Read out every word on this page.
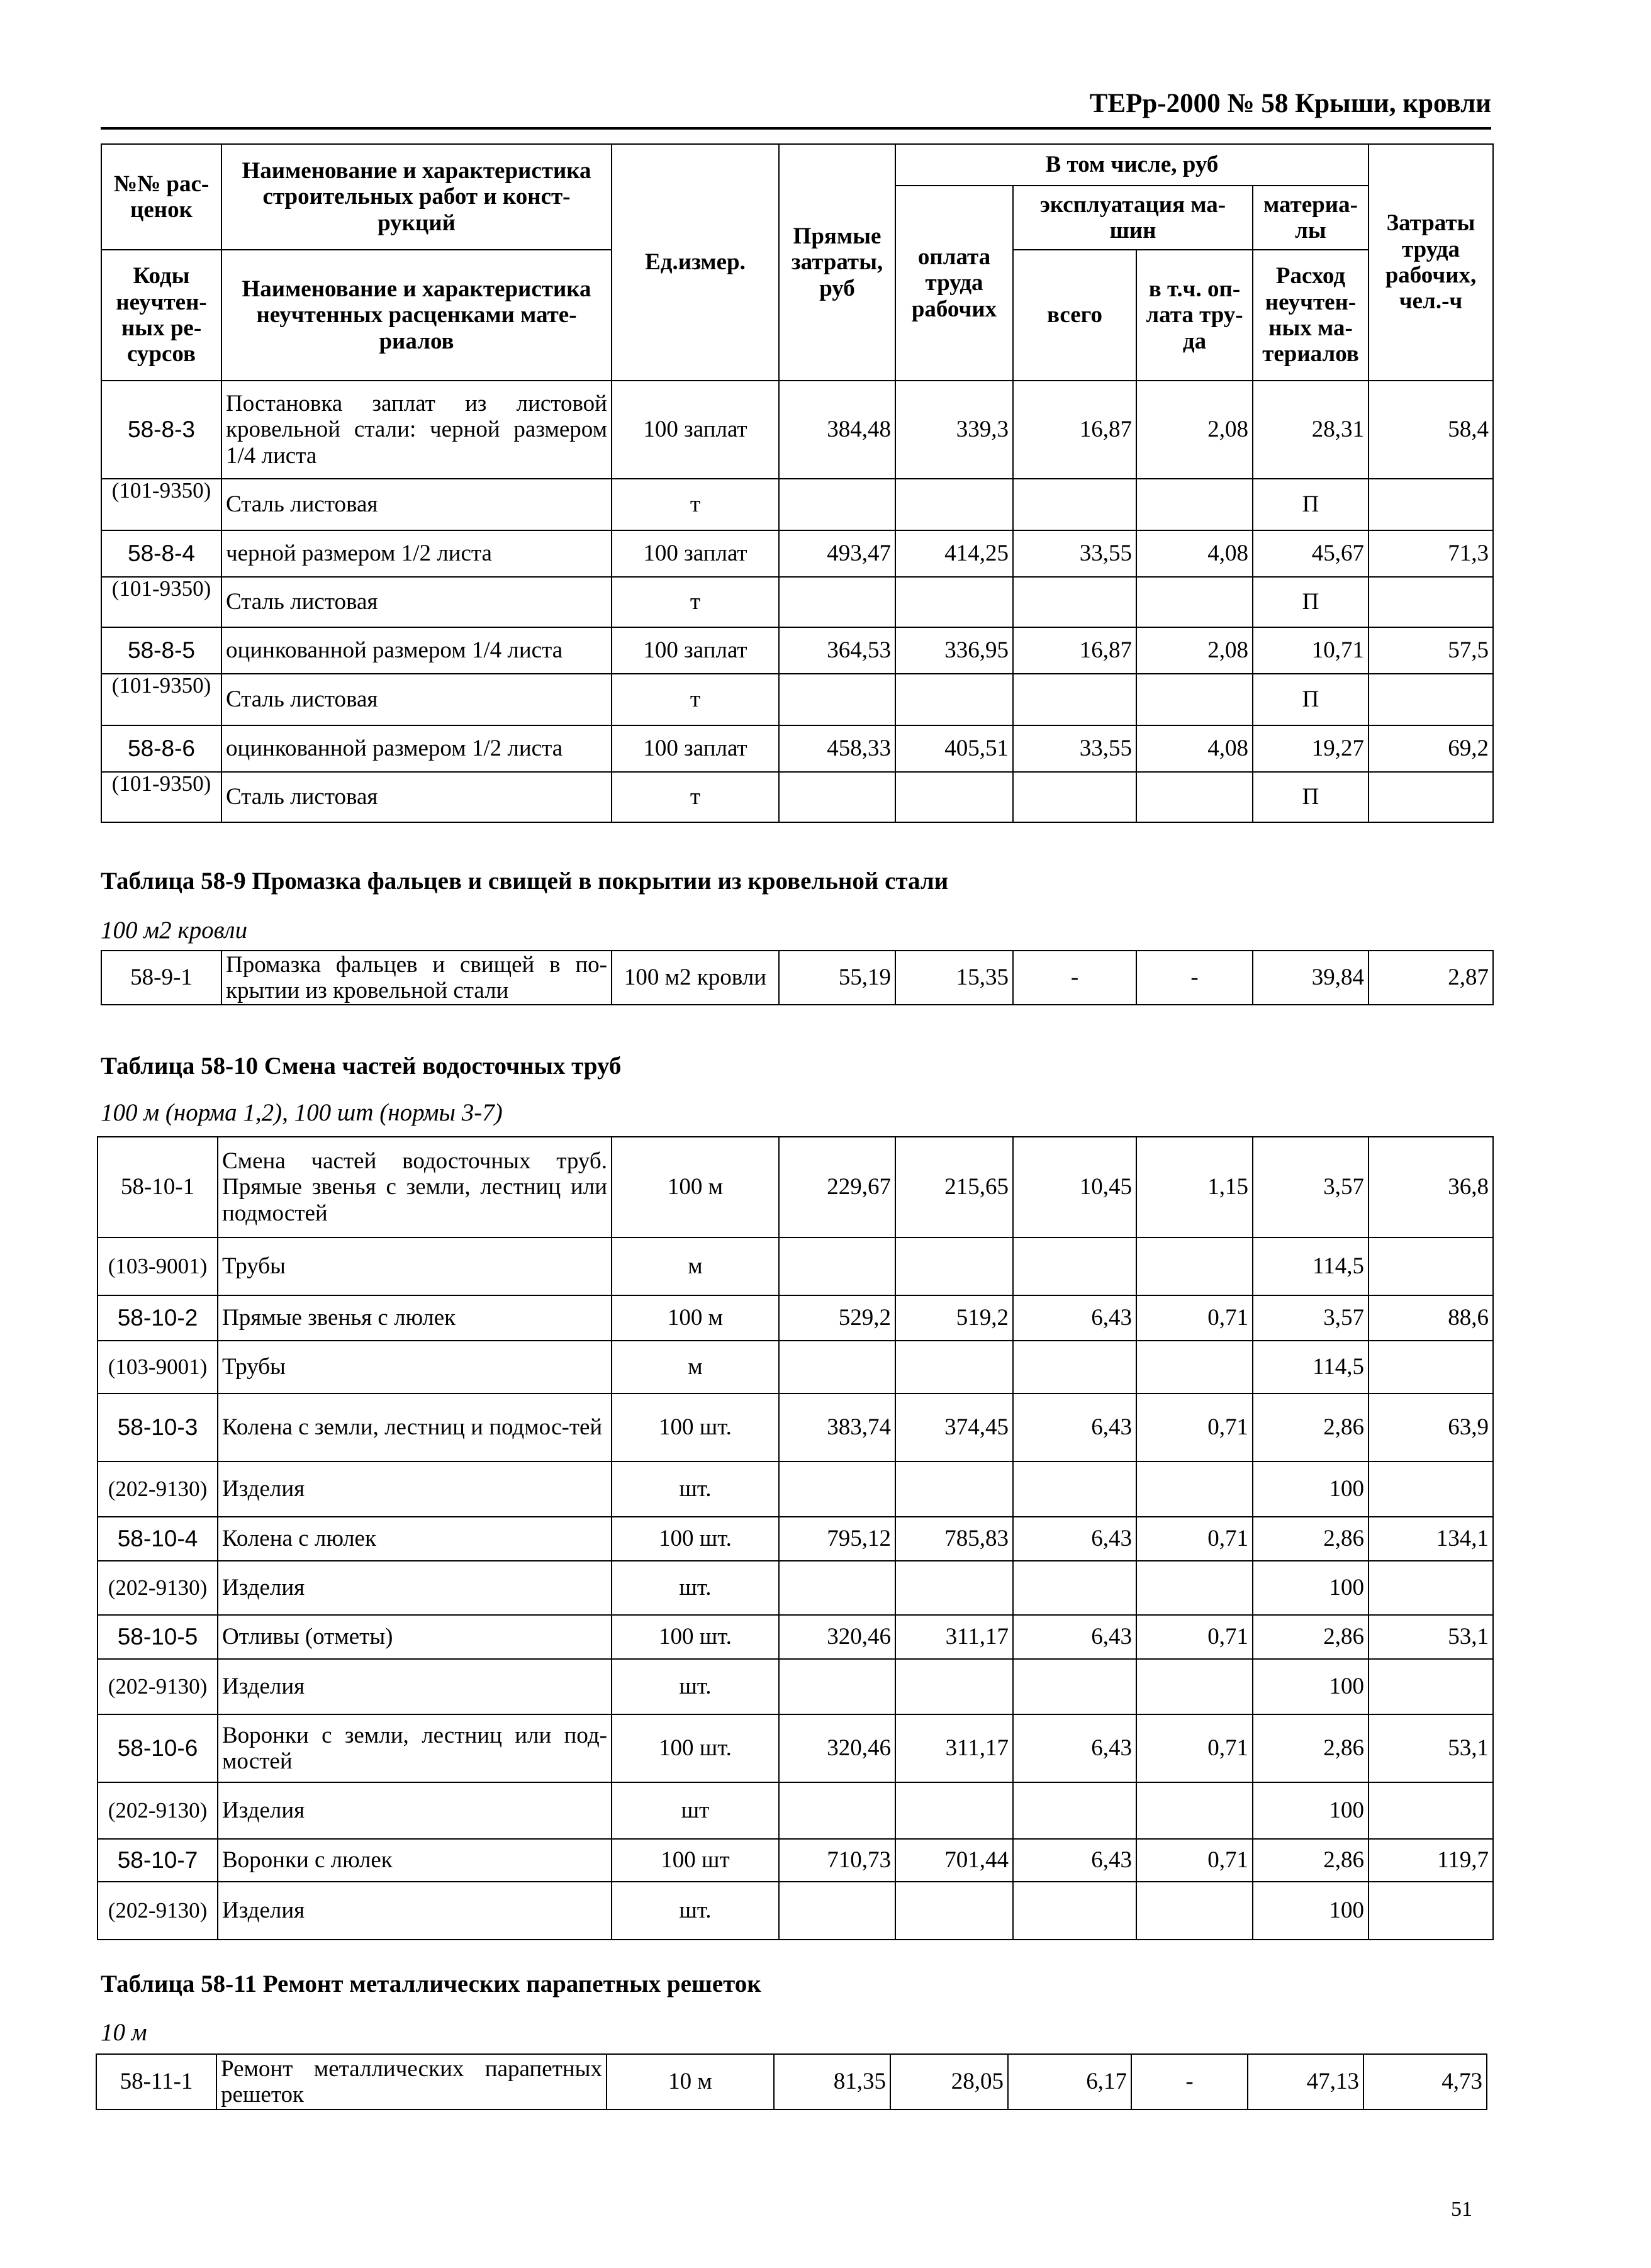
ТЕРр-2000 № 58 Крыши, кровли
№№ рас-ценок	Наименование и характеристика строительных работ и конст-рукций	Ед.измер.	Прямые затраты, руб	В том числе, руб				Затраты труда рабочих, чел.-ч
				оплата труда рабочих	эксплуатация ма-шин		материа-лы	

Коды неучтен-ных ре-сурсов	Наименование и характеристика неучтенных расценками мате-риалов				всего	в т.ч. оп-лата тру-да	Расход неучтен-ных ма-териалов	

58-8-3	Постановка заплат из листовой кровельной стали: черной размером 1/4 листа	100 заплат	384,48	339,3	16,87	2,08	28,31	58,4
(101-9350)	Сталь листовая	т					П	
58-8-4	черной размером 1/2 листа	100 заплат	493,47	414,25	33,55	4,08	45,67	71,3
(101-9350)	Сталь листовая	т					П	
58-8-5	оцинкованной размером 1/4 листа	100 заплат	364,53	336,95	16,87	2,08	10,71	57,5
(101-9350)	Сталь листовая	т					П	
58-8-6	оцинкованной размером 1/2 листа	100 заплат	458,33	405,51	33,55	4,08	19,27	69,2
(101-9350)	Сталь листовая	т					П	
Таблица 58-9 Промазка фальцев и свищей в покрытии из кровельной стали
100 м2 кровли
58-9-1	Промазка фальцев и свищей в по-крытии из кровельной стали	100 м2 кровли	55,19	15,35	-	-	39,84	2,87
Таблица 58-10 Смена частей водосточных труб
100 м (норма 1,2), 100 шт (нормы 3-7)
58-10-1	Смена частей водосточных труб. Прямые звенья с земли, лестниц или подмостей	100 м	229,67	215,65	10,45	1,15	3,57	36,8
(103-9001)	Трубы	м					114,5	
58-10-2	Прямые звенья с люлек	100 м	529,2	519,2	6,43	0,71	3,57	88,6
(103-9001)	Трубы	м					114,5	
58-10-3	Колена с земли, лестниц и подмос-тей	100 шт.	383,74	374,45	6,43	0,71	2,86	63,9
(202-9130)	Изделия	шт.					100	
58-10-4	Колена с люлек	100 шт.	795,12	785,83	6,43	0,71	2,86	134,1
(202-9130)	Изделия	шт.					100	
58-10-5	Отливы (отметы)	100 шт.	320,46	311,17	6,43	0,71	2,86	53,1
(202-9130)	Изделия	шт.					100	
58-10-6	Воронки с земли, лестниц или под-мостей	100 шт.	320,46	311,17	6,43	0,71	2,86	53,1
(202-9130)	Изделия	шт					100	
58-10-7	Воронки с люлек	100 шт	710,73	701,44	6,43	0,71	2,86	119,7
(202-9130)	Изделия	шт.					100	
Таблица 58-11 Ремонт металлических парапетных решеток
10 м
58-11-1	Ремонт металлических парапетных решеток	10 м	81,35	28,05	6,17	-	47,13	4,73
51
